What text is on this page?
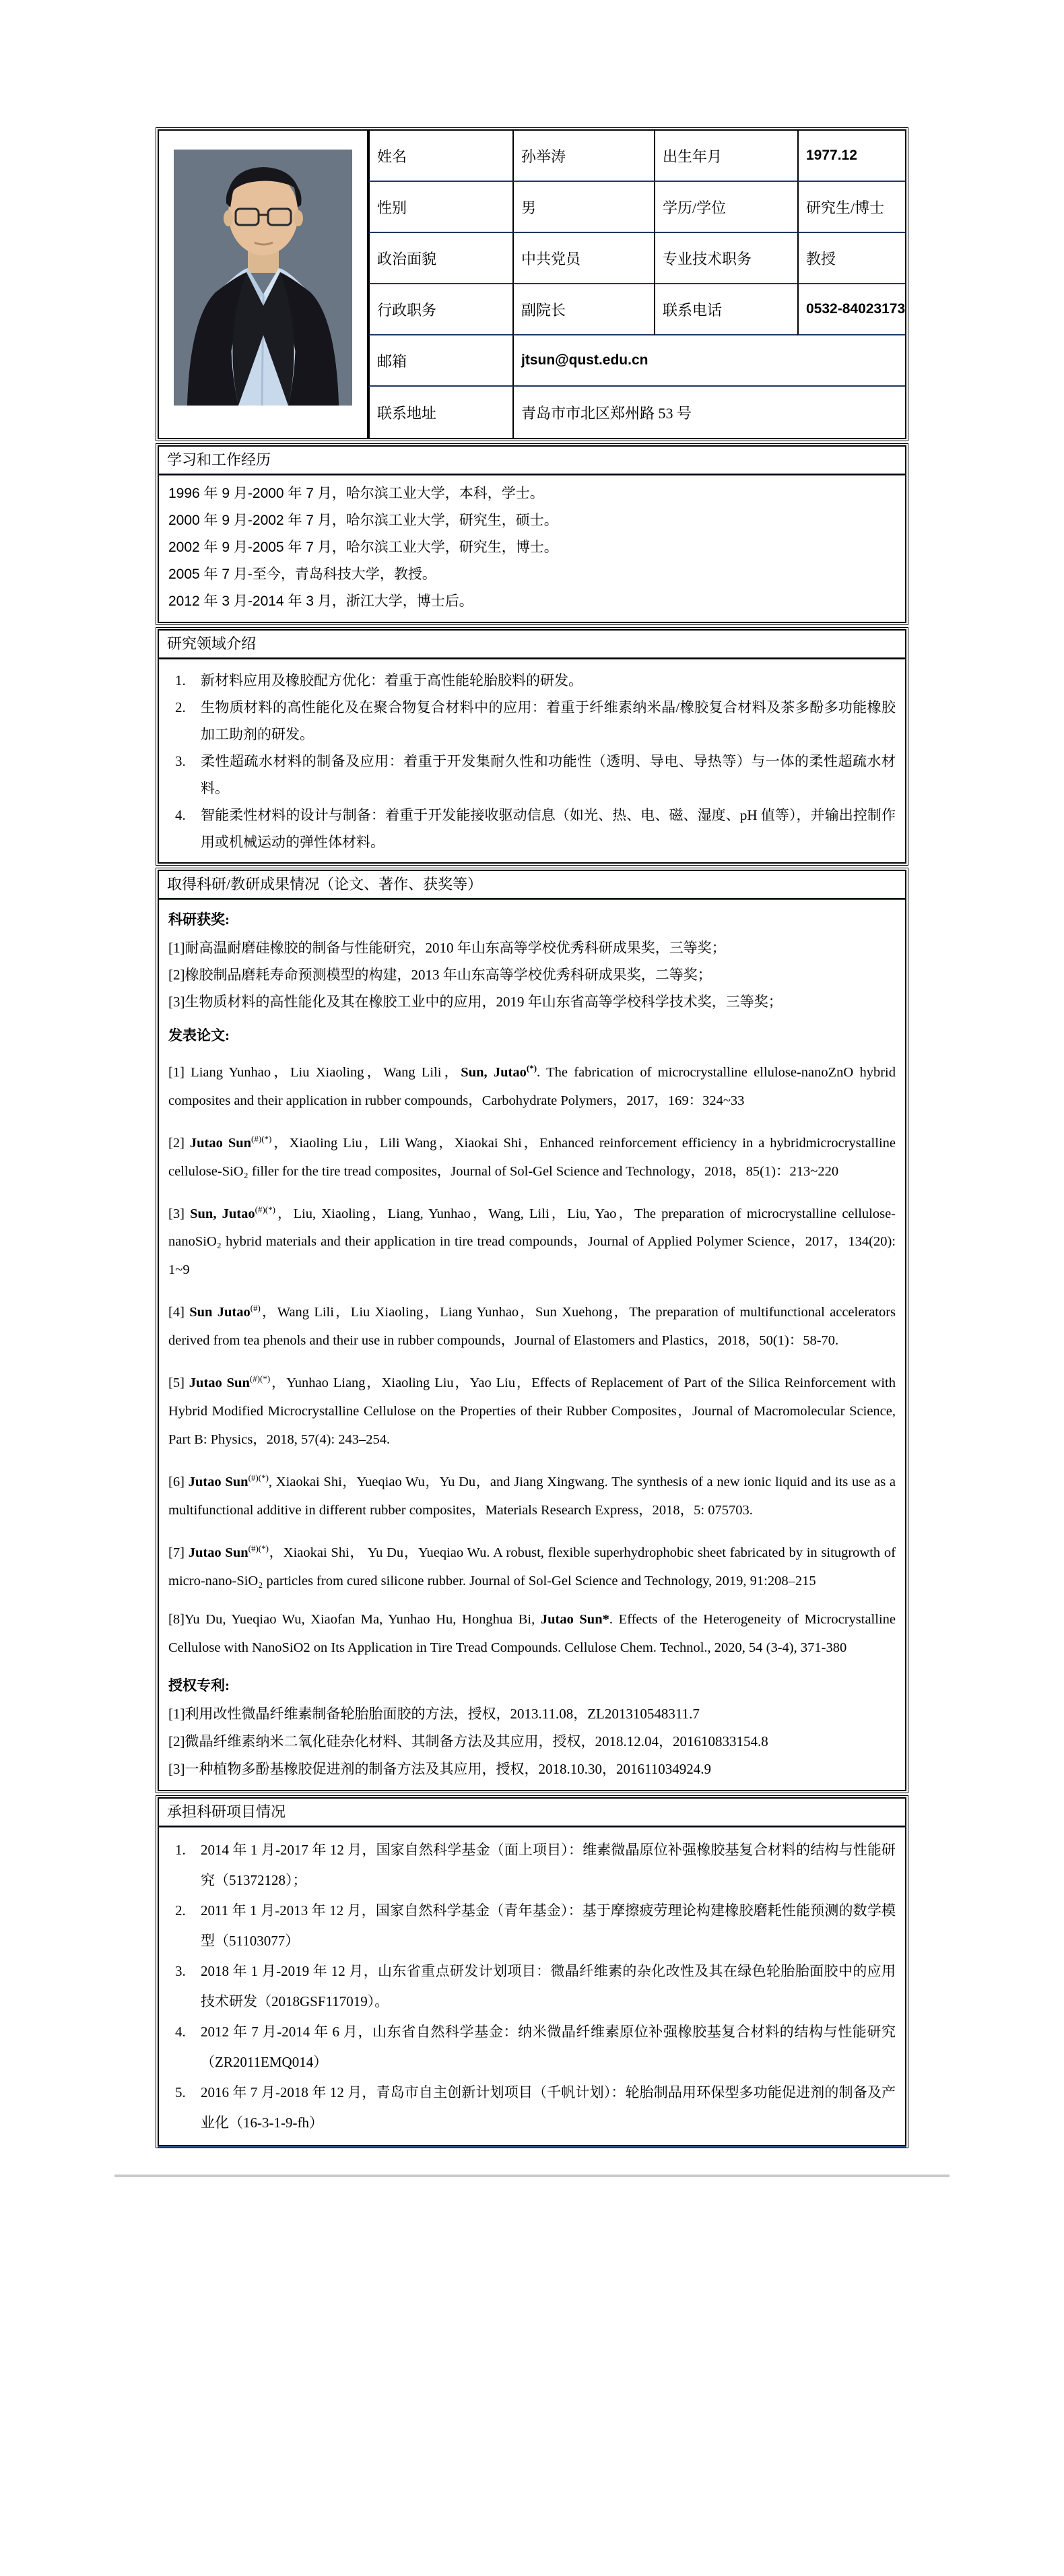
姓名	孙举涛	出生年月	1977.12
性别	男	学历/学位	研究生/博士
政治面貌	中共党员	专业技术职务	教授
行政职务	副院长	联系电话	0532-84023173
邮箱	jtsun@qust.edu.cn
联系地址	青岛市市北区郑州路 53 号
学习和工作经历

1996 年 9 月-2000 年 7 月，哈尔滨工业大学，本科，学士。

2000 年 9 月-2002 年 7 月，哈尔滨工业大学，研究生，硕士。

2002 年 9 月-2005 年 7 月，哈尔滨工业大学，研究生，博士。

2005 年 7 月-至今，青岛科技大学，教授。

2012 年 3 月-2014 年 3 月，浙江大学，博士后。

研究领域介绍
新材料应用及橡胶配方优化：着重于高性能轮胎胶料的研发。
生物质材料的高性能化及在聚合物复合材料中的应用：着重于纤维素纳米晶/橡胶复合材料及茶多酚多功能橡胶加工助剂的研发。
柔性超疏水材料的制备及应用：着重于开发集耐久性和功能性（透明、导电、导热等）与一体的柔性超疏水材料。
智能柔性材料的设计与制备：着重于开发能接收驱动信息（如光、热、电、磁、湿度、pH 值等），并输出控制作用或机械运动的弹性体材料。
取得科研/教研成果情况（论文、著作、获奖等）

科研获奖:

[1]耐高温耐磨硅橡胶的制备与性能研究，2010 年山东高等学校优秀科研成果奖，三等奖；

[2]橡胶制品磨耗寿命预测模型的构建，2013 年山东高等学校优秀科研成果奖，二等奖；

[3]生物质材料的高性能化及其在橡胶工业中的应用，2019 年山东省高等学校科学技术奖，三等奖；

发表论文:

[1] Liang Yunhao，Liu Xiaoling，Wang Lili，Sun, Jutao(*). The fabrication of microcrystalline ellulose-nanoZnO hybrid composites and their application in rubber compounds，Carbohydrate Polymers，2017，169：324~33

[2] Jutao Sun(#)(*)，Xiaoling Liu，Lili Wang，Xiaokai Shi，Enhanced reinforcement efficiency in a hybridmicrocrystalline cellulose-SiO₂ filler for the tire tread composites，Journal of Sol-Gel Science and Technology，2018，85(1)：213~220

[3] Sun, Jutao(#)(*)，Liu, Xiaoling，Liang, Yunhao，Wang, Lili，Liu, Yao，The preparation of microcrystalline cellulose-nanoSiO₂ hybrid materials and their application in tire tread compounds，Journal of Applied Polymer Science，2017，134(20): 1~9

[4] Sun Jutao(#)，Wang Lili，Liu Xiaoling，Liang Yunhao，Sun Xuehong，The preparation of multifunctional accelerators derived from tea phenols and their use in rubber compounds，Journal of Elastomers and Plastics，2018，50(1)：58-70.

[5] Jutao Sun(#)(*)，Yunhao Liang，Xiaoling Liu，Yao Liu，Effects of Replacement of Part of the Silica Reinforcement with Hybrid Modified Microcrystalline Cellulose on the Properties of their Rubber Composites，Journal of Macromolecular Science, Part B: Physics，2018, 57(4): 243–254.

[6] Jutao Sun(#)(*), Xiaokai Shi，Yueqiao Wu，Yu Du，and Jiang Xingwang. The synthesis of a new ionic liquid and its use as a multifunctional additive in different rubber composites，Materials Research Express，2018，5: 075703.

[7] Jutao Sun(#)(*)，Xiaokai Shi， Yu Du，Yueqiao Wu. A robust, flexible superhydrophobic sheet fabricated by in situgrowth of micro-nano-SiO₂ particles from cured silicone rubber. Journal of Sol-Gel Science and Technology, 2019, 91:208–215

[8]Yu Du, Yueqiao Wu, Xiaofan Ma, Yunhao Hu, Honghua Bi, Jutao Sun*. Effects of the Heterogeneity of Microcrystalline Cellulose with NanoSiO2 on Its Application in Tire Tread Compounds. Cellulose Chem. Technol., 2020, 54 (3-4), 371-380

授权专利:

[1]利用改性微晶纤维素制备轮胎胎面胶的方法，授权，2013.11.08，ZL201310548311.7

[2]微晶纤维素纳米二氧化硅杂化材料、其制备方法及其应用，授权，2018.12.04，201610833154.8

[3]一种植物多酚基橡胶促进剂的制备方法及其应用，授权，2018.10.30，201611034924.9

承担科研项目情况
2014 年 1 月-2017 年 12 月，国家自然科学基金（面上项目）：维素微晶原位补强橡胶基复合材料的结构与性能研究（51372128）；
2011 年 1 月-2013 年 12 月，国家自然科学基金（青年基金）：基于摩擦疲劳理论构建橡胶磨耗性能预测的数学模型（51103077）
2018 年 1 月-2019 年 12 月，山东省重点研发计划项目：微晶纤维素的杂化改性及其在绿色轮胎胎面胶中的应用技术研发（2018GSF117019）。
2012 年 7 月-2014 年 6 月，山东省自然科学基金：纳米微晶纤维素原位补强橡胶基复合材料的结构与性能研究（ZR2011EMQ014）
2016 年 7 月-2018 年 12 月，青岛市自主创新计划项目（千帆计划）：轮胎制品用环保型多功能促进剂的制备及产业化（16-3-1-9-fh）
